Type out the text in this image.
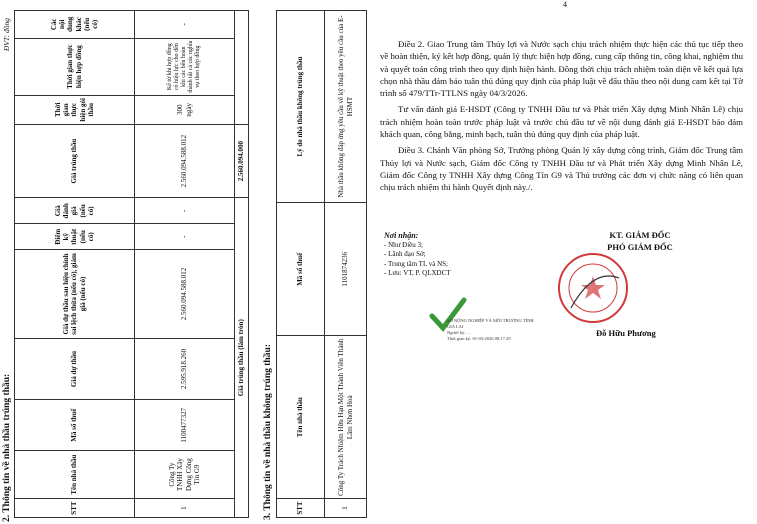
4
2. Thông tin về nhà thầu trúng thầu:
ĐVT: đồng
STT	Tên nhà thầu	Mã số thuế	Giá dự thầu	Giá dự thầu sau hiệu chỉnh sai lệch thừa (nếu có), giảm giá (nếu có)	Điểm kỹ thuật (nếu có)	Giá đánh giá (nếu có)	Giá trúng thầu	Thời gian thực hiện gói thầu	Thời gian thực hiện hợp đồng	Các nội dung khác (nếu có)
1	Công Ty TNHH Xây Dựng Công Tín G9	1100477327	2.595.918.260	2.560.094.588.012	-	-	2.560.094.588.012	300 ngày	Kể từ khi hợp đồng có hiệu lực cho đến khi các bên hoàn thành tất cả các nghĩa vụ theo hợp đồng	-
Giá trúng thầu (làm tròn)							2.560.094.000			
3. Thông tin về nhà thầu không trúng thầu:	STT	Tên nhà thầu	Mã số thuế	Lý do nhà thầu không trúng thầu
1	Công Ty Trách Nhiệm Hữu Hạn Một Thành Viên Thành Lâm Nhơn Hoà	1101874236	Nhà thầu không đáp ứng yêu cầu về kỹ thuật theo yêu cầu của E-HSMT

Điều 2. Giao Trung tâm Thủy lợi và Nước sạch chịu trách nhiệm thực hiện các thủ tục tiếp theo về hoàn thiện, ký kết hợp đồng, quản lý thực hiện hợp đồng, cung cấp thông tin, công khai, nghiệm thu và quyết toán công trình theo quy định hiện hành. Đồng thời chịu trách nhiệm toàn diện về kết quả lựa chọn nhà thầu đảm bảo tuân thủ đúng quy định của pháp luật về đấu thầu theo nội dung cam kết tại Tờ trình số 479/TTr-TTLNS ngày 04/3/2026.

Tư vấn đánh giá E-HSDT (Công ty TNHH Đầu tư và Phát triển Xây dựng Minh Nhân Lê) chịu trách nhiệm hoàn toàn trước pháp luật và trước chủ đầu tư về nội dung đánh giá E-HSDT bảo đảm khách quan, công bằng, minh bạch, tuân thủ đúng quy định của pháp luật.

Điều 3. Chánh Văn phòng Sở, Trưởng phòng Quản lý xây dựng công trình, Giám đốc Trung tâm Thủy lợi và Nước sạch, Giám đốc Công ty TNHH Đầu tư và Phát triển Xây dựng Minh Nhân Lê, Giám đốc Công ty TNHH Xây dựng Công Tín G9 và Thủ trưởng các đơn vị chức năng có liên quan chịu trách nhiệm thi hành Quyết định này./.

Nơi nhận:
- Như Điều 3;
- Lãnh đạo Sở;
- Trung tâm TL và NS;
- Lưu: VT, P. QLXDCT
KT. GIÁM ĐỐC
PHÓ GIÁM ĐỐC
SỞ NÔNG NGHIỆP VÀ MÔI TRƯỜNG TỈNH
GIA LAI
Người ký: …
Thời gian ký: 01-03-2026 08:17:29
Đỗ Hữu Phương
